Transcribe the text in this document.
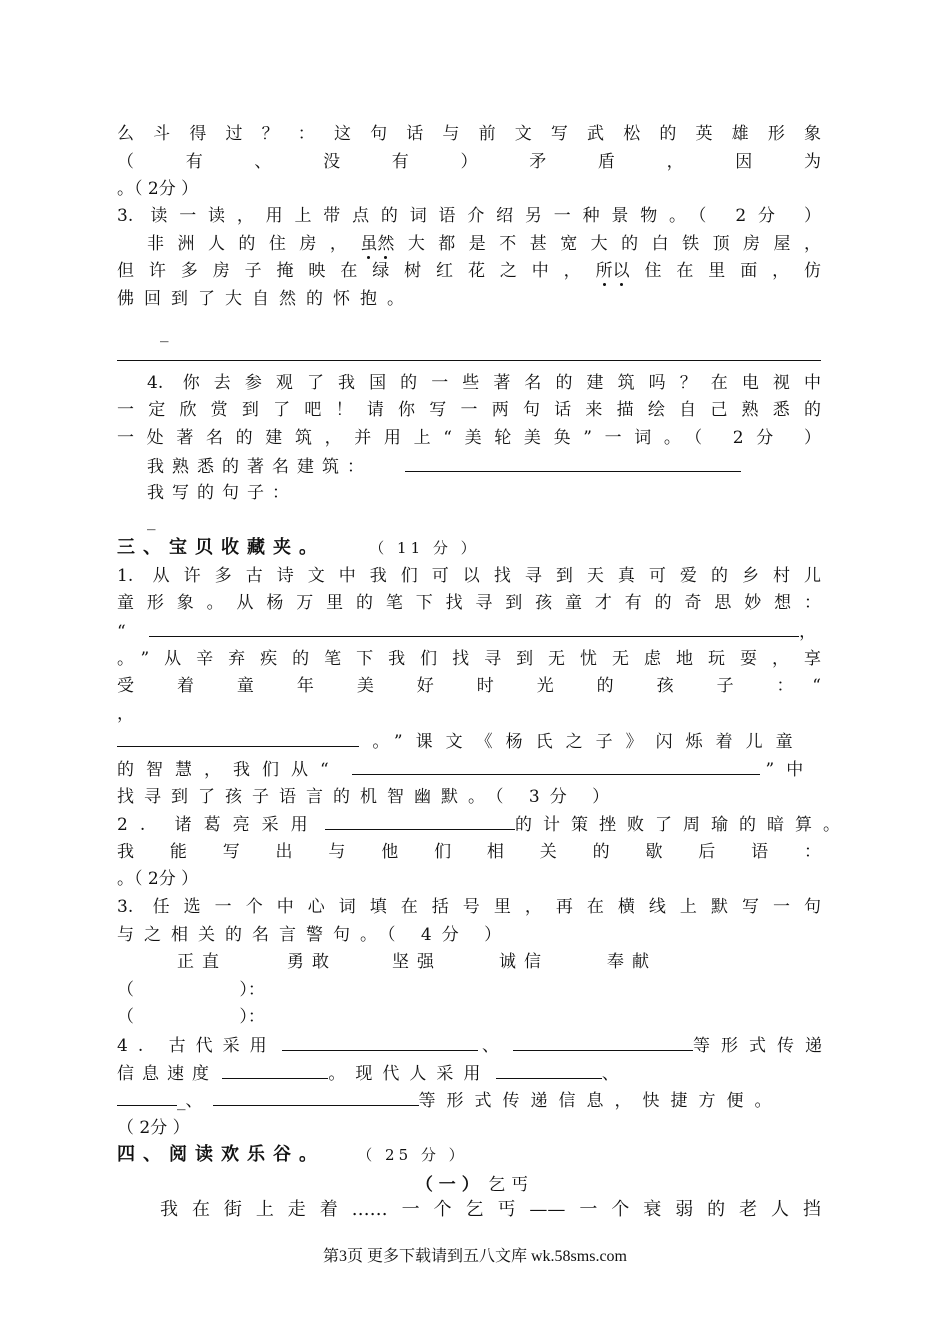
么斗得过？：这句话与前文写武松的英雄形象
（ 有 、 没 有 ） 矛 盾 ， 因 为
。（ 2分 ）
3. 读一读，用上带点的词语介绍另一种景物。（ 2分 ）
非洲人的住房，虽然大都是不甚宽大的白铁顶房屋，
但许多房子掩映在绿树红花之中，所以住在里面，仿
佛回到了大自然的怀抱。
_
4. 你去参观了我国的一些著名的建筑吗？在电视中
一定欣赏到了吧！请你写一两句话来描绘自己熟悉的
一处著名的建筑，并用上“美轮美奂”一词。（ 2分 ）
我熟悉的著名建筑：
我写的句子：
_
三、宝贝收藏夹。	（ 11 分 ）
1. 从许多古诗文中我们可以找寻到天真可爱的乡村儿
童形象。从杨万里的笔下找寻到孩童才有的奇思妙想：
“	，
。”从辛弃疾的笔下我们找寻到无忧无虑地玩耍，享
受 着 童 年 美 好 时 光 的 孩 子 ：“
，
。”课文《杨氏之子》闪烁着儿童
的智慧，我们从“	”中
找寻到了孩子语言的机智幽默。（ 3分 ）
2. 诸葛亮采用	的计策挫败了周瑜的暗算。
我 能 写 出 与 他 们 相 关 的 歇 后 语 ：
。（ 2分 ）
3. 任选一个中心词填在括号里，再在横线上默写一句
与之相关的名言警句。（ 4分 ）
正直	勇敢	坚强	诚信	奉献
（ ）：
（ ）：
4. 古代采用	、	等形式传递
信息速度	。现代人采用	、
_、	等形式传递信息，快捷方便。
（ 2分 ）
四、阅读欢乐谷。 （ 25 分 ）
（ 一 ） 乞丐
我在街上走着……一个乞丐——一个衰弱的老人挡
第3页 更多下载请到五八文库 wk.58sms.com
